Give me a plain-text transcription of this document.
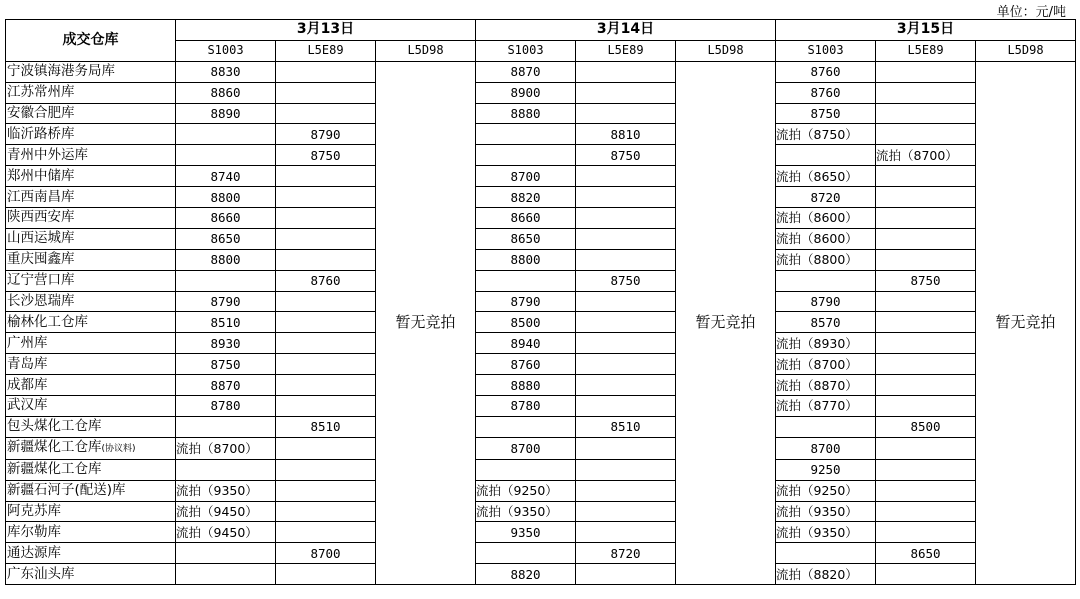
单位：元/吨
成交仓库	3月13日			3月14日			3月15日		
	S1003	L5E89	L5D98	S1003	L5E89	L5D98	S1003	L5E89	L5D98
宁波镇海港务局库	8830		暂无竞拍	8870		暂无竞拍	8760		暂无竞拍
江苏常州库	8860			8900			8760		
安徽合肥库	8890			8880			8750		
临沂路桥库		8790			8810		流拍（8750）		
青州中外运库		8750			8750			流拍（8700）	
郑州中储库	8740			8700			流拍（8650）		
江西南昌库	8800			8820			8720		
陕西西安库	8660			8660			流拍（8600）		
山西运城库	8650			8650			流拍（8600）		
重庆囤鑫库	8800			8800			流拍（8800）		
辽宁营口库		8760			8750			8750	
长沙恩瑞库	8790			8790			8790		
榆林化工仓库	8510			8500			8570		
广州库	8930			8940			流拍（8930）		
青岛库	8750			8760			流拍（8700）		
成都库	8870			8880			流拍（8870）		
武汉库	8780			8780			流拍（8770）		
包头煤化工仓库		8510			8510			8500	
新疆煤化工仓库(协议料)	流拍（8700）			8700			8700		
新疆煤化工仓库							9250		
新疆石河子(配送)库	流拍（9350）			流拍（9250）			流拍（9250）		
阿克苏库	流拍（9450）			流拍（9350）			流拍（9350）		
库尔勒库	流拍（9450）			9350			流拍（9350）		
通达源库		8700			8720			8650	
广东汕头库				8820			流拍（8820）		
